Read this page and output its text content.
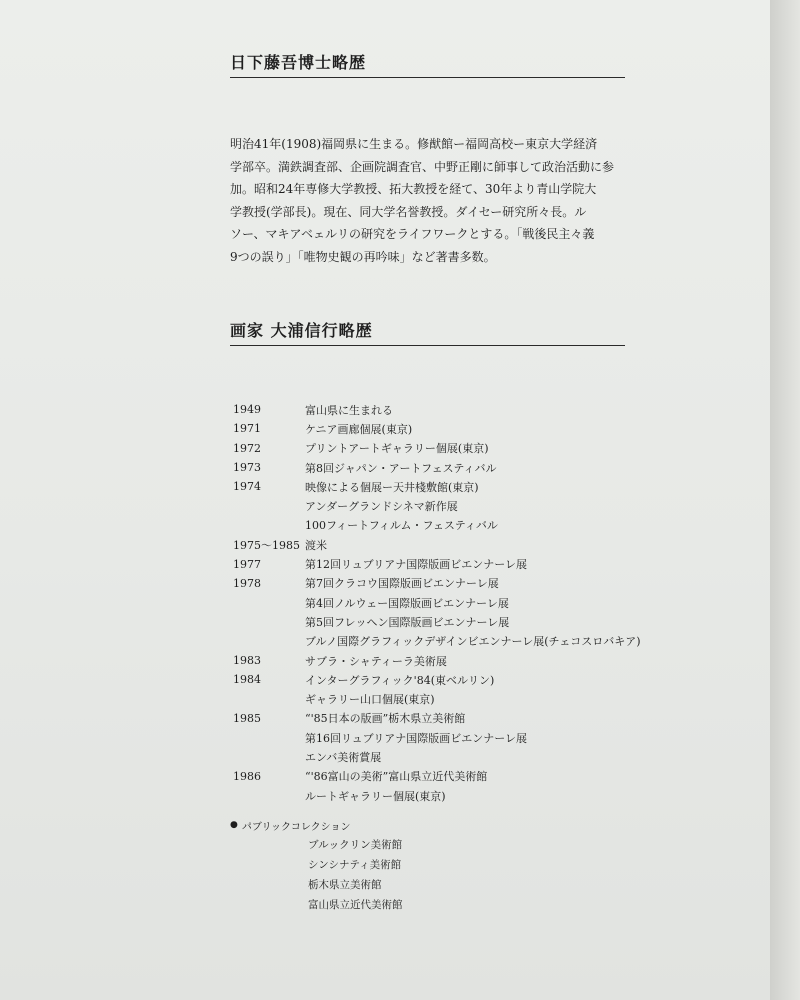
日下藤吾博士略歴
明治41年(1908)福岡県に生まる。修猷館ー福岡高校ー東京大学経済
学部卒。満鉄調査部、企画院調査官、中野正剛に師事して政治活動に参
加。昭和24年専修大学教授、拓大教授を経て、30年より青山学院大
学教授(学部長)。現在、同大学名誉教授。ダイセー研究所々長。ル
ソー、マキアベェルリの研究をライフワークとする。「戦後民主々義
9つの誤り」「唯物史観の再吟味」など著書多数。
画家 大浦信行略歴
1949	富山県に生まれる
1971	ケニア画廊個展(東京)
1972	プリントアートギャラリー個展(東京)
1973	第8回ジャパン・アートフェスティバル
1974	映像による個展ー天井棧敷館(東京)
アンダーグランドシネマ新作展
100フィートフィルム・フェスティバル
1975〜1985 渡米
1977	第12回リュブリアナ国際版画ビエンナーレ展
1978	第7回クラコウ国際版画ビエンナーレ展
第4回ノルウェー国際版画ビエンナーレ展
第5回フレッヘン国際版画ビエンナーレ展
ブルノ国際グラフィックデザインビエンナーレ展(チェコスロバキア)
1983	サブラ・シャティーラ美術展
1984	インターグラフィック'84(東ベルリン)
ギャラリー山口個展(東京)
1985	“'85日本の版画”栃木県立美術館
第16回リュブリアナ国際版画ビエンナーレ展
エンバ美術賞展
1986	“'86富山の美術”富山県立近代美術館
ルートギャラリー個展(東京)
● パブリックコレクション
ブルックリン美術館
シンシナティ美術館
栃木県立美術館
富山県立近代美術館
